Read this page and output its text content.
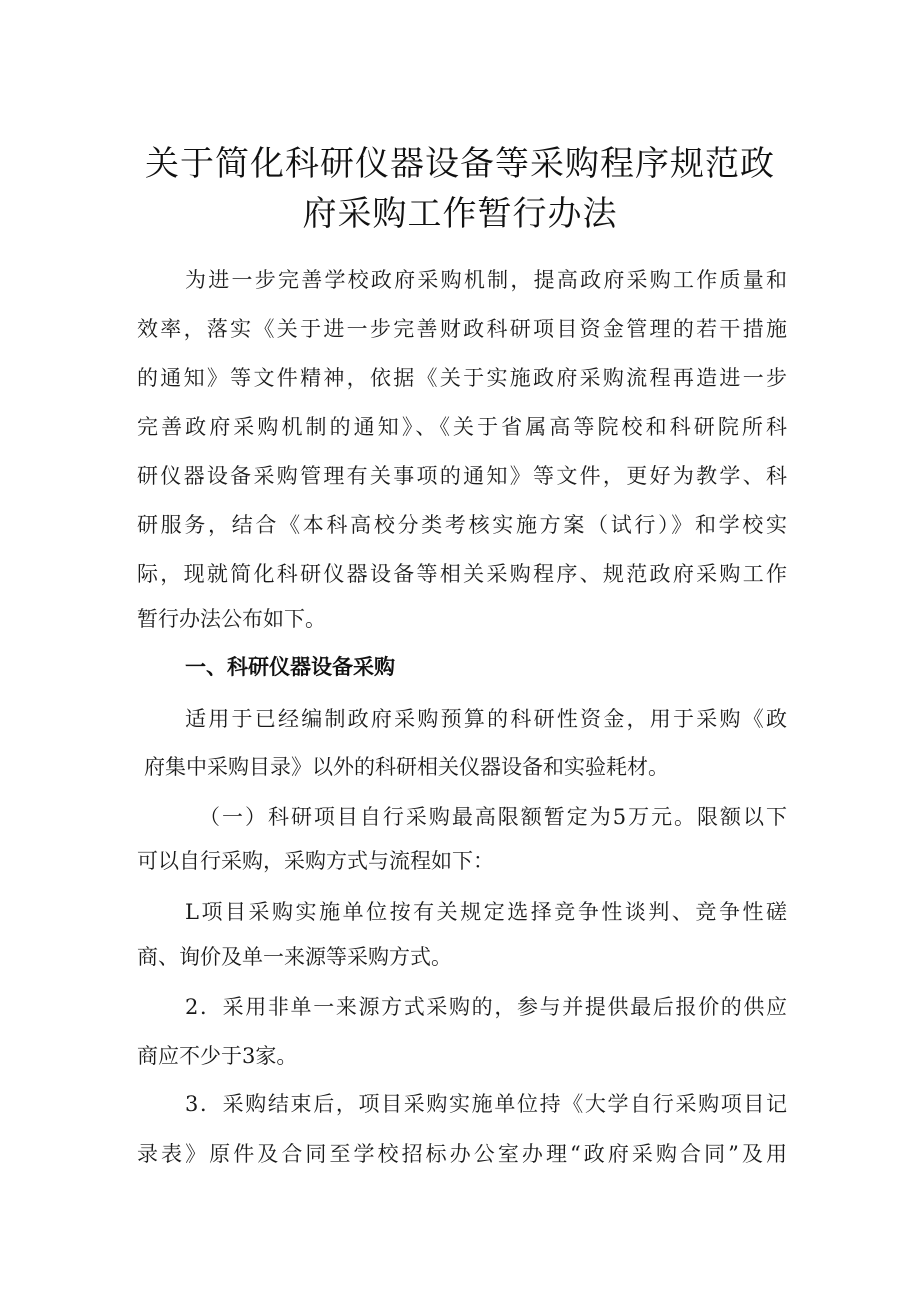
关于简化科研仪器设备等采购程序规范政
府采购工作暂行办法
为进一步完善学校政府采购机制，提高政府采购工作质量和
效率，落实《关于进一步完善财政科研项目资金管理的若干措施
的通知》等文件精神，依据《关于实施政府采购流程再造进一步
完善政府采购机制的通知》、《关于省属高等院校和科研院所科
研仪器设备采购管理有关事项的通知》等文件，更好为教学、科
研服务，结合《本科高校分类考核实施方案（试行）》和学校实
际，现就简化科研仪器设备等相关采购程序、规范政府采购工作
暂行办法公布如下。
一、科研仪器设备采购
适用于已经编制政府采购预算的科研性资金，用于采购《政
府集中采购目录》以外的科研相关仪器设备和实验耗材。
（一）科研项目自行采购最高限额暂定为5万元。限额以下
可以自行采购，采购方式与流程如下：
L项目采购实施单位按有关规定选择竞争性谈判、竞争性磋
商、询价及单一来源等采购方式。
2．采用非单一来源方式采购的，参与并提供最后报价的供应
商应不少于3家。
3．采购结束后，项目采购实施单位持《大学自行采购项目记
录表》原件及合同至学校招标办公室办理“政府采购合同”及用
